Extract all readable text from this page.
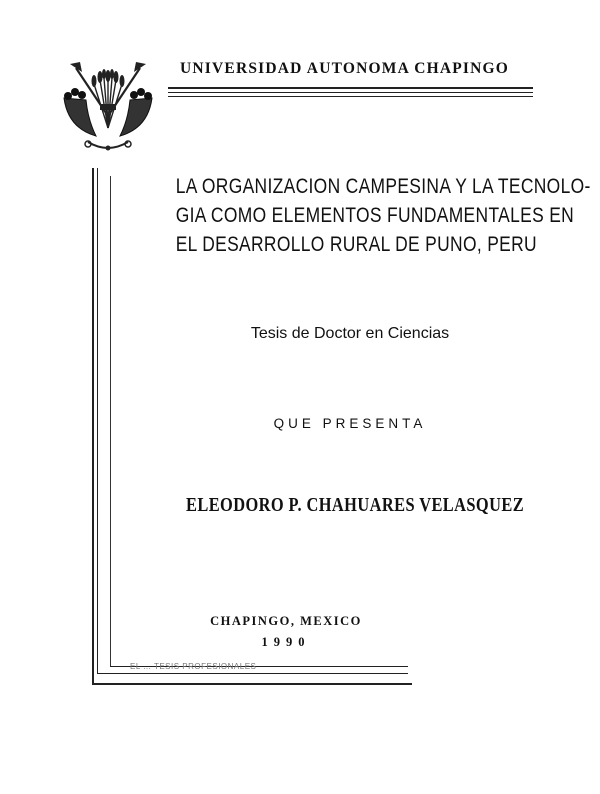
UNIVERSIDAD AUTONOMA CHAPINGO
EL ... TESIS PROFESIONALES
LA ORGANIZACION CAMPESINA Y LA TECNOLO-
GIA COMO ELEMENTOS FUNDAMENTALES EN
EL DESARROLLO RURAL DE PUNO, PERU
Tesis de Doctor en Ciencias
QUE PRESENTA
ELEODORO P. CHAHUARES VELASQUEZ
CHAPINGO, MEXICO
1990
